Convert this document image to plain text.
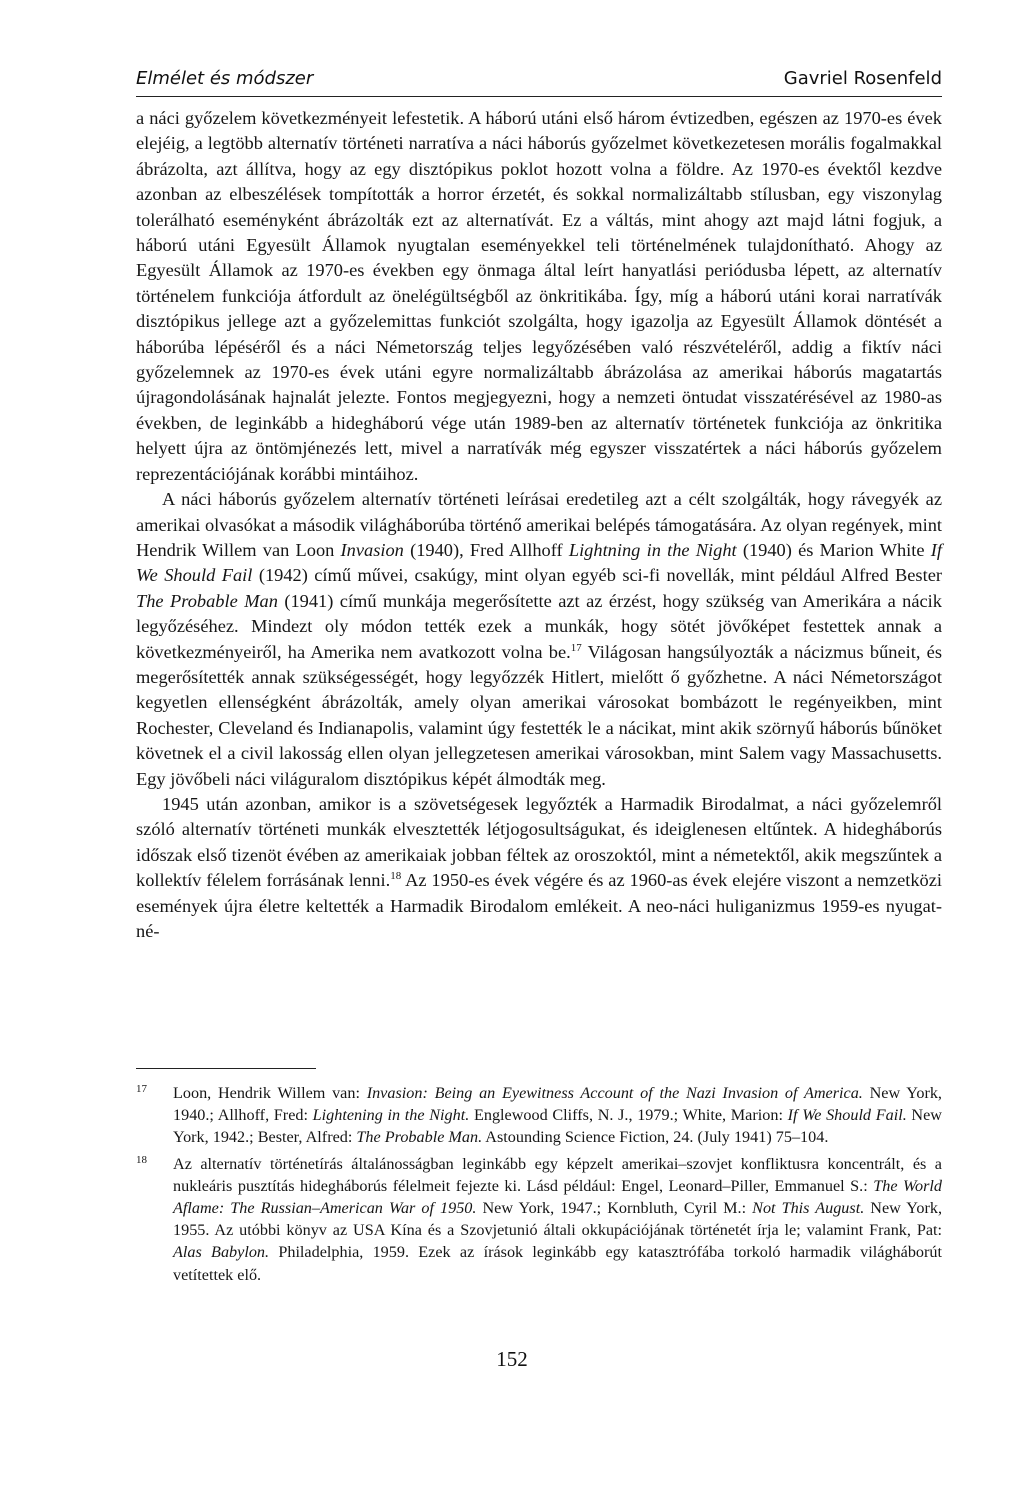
Elmélet és módszer	Gavriel Rosenfeld

a náci győzelem következményeit lefestetik. A háború utáni első három évtizedben, egészen az 1970-es évek elejéig, a legtöbb alternatív történeti narratíva a náci háborús győzelmet következetesen morális fogalmakkal ábrázolta, azt állítva, hogy az egy disztópikus poklot hozott volna a földre. Az 1970-es évektől kezdve azonban az elbeszélések tompították a horror érzetét, és sokkal normalizáltabb stílusban, egy viszonylag tolerálható eseményként ábrázolták ezt az alternatívát. Ez a váltás, mint ahogy azt majd látni fogjuk, a háború utáni Egyesült Államok nyugtalan eseményekkel teli történelmének tulajdonítható. Ahogy az Egyesült Államok az 1970-es években egy önmaga által leírt hanyatlási periódusba lépett, az alternatív történelem funkciója átfordult az önelégültségből az önkritikába. Így, míg a háború utáni korai narratívák disztópikus jellege azt a győzelemittas funkciót szolgálta, hogy igazolja az Egyesült Államok döntését a háborúba lépéséről és a náci Németország teljes legyőzésében való részvételéről, addig a fiktív náci győzelemnek az 1970-es évek utáni egyre normalizáltabb ábrázolása az amerikai háborús magatartás újragondolásának hajnalát jelezte. Fontos megjegyezni, hogy a nemzeti öntudat visszatérésével az 1980-as években, de leginkább a hidegháború vége után 1989-ben az alternatív történetek funkciója az önkritika helyett újra az öntömjénezés lett, mivel a narratívák még egyszer visszatértek a náci háborús győzelem reprezentációjának korábbi mintáihoz.

A náci háborús győzelem alternatív történeti leírásai eredetileg azt a célt szolgálták, hogy rávegyék az amerikai olvasókat a második világháborúba történő amerikai belépés támogatására. Az olyan regények, mint Hendrik Willem van Loon Invasion (1940), Fred Allhoff Lightning in the Night (1940) és Marion White If We Should Fail (1942) című művei, csakúgy, mint olyan egyéb sci-fi novellák, mint például Alfred Bester The Probable Man (1941) című munkája megerősítette azt az érzést, hogy szükség van Amerikára a nácik legyőzéséhez. Mindezt oly módon tették ezek a munkák, hogy sötét jövőképet festettek annak a következményeiről, ha Amerika nem avatkozott volna be.$^{17}$ Világosan hangsúlyozták a nácizmus bűneit, és megerősítették annak szükségességét, hogy legyőzzék Hitlert, mielőtt ő győzhetne. A náci Németországot kegyetlen ellenségként ábrázolták, amely olyan amerikai városokat bombázott le regényeikben, mint Rochester, Cleveland és Indianapolis, valamint úgy festették le a nácikat, mint akik szörnyű háborús bűnöket követnek el a civil lakosság ellen olyan jellegzetesen amerikai városokban, mint Salem vagy Massachusetts. Egy jövőbeli náci világuralom disztópikus képét álmodták meg.

1945 után azonban, amikor is a szövetségesek legyőzték a Harmadik Birodalmat, a náci győzelemről szóló alternatív történeti munkák elvesztették létjogosultságukat, és ideiglenesen eltűntek. A hidegháborús időszak első tizenöt évében az amerikaiak jobban féltek az oroszoktól, mint a németektől, akik megszűntek a kollektív félelem forrásának lenni.$^{18}$ Az 1950-es évek végére és az 1960-as évek elejére viszont a nemzetközi események újra életre keltették a Harmadik Birodalom emlékeit. A neo-náci huliganizmus 1959-es nyugat-né-

17 Loon, Hendrik Willem van: Invasion: Being an Eyewitness Account of the Nazi Invasion of America. New York, 1940.; Allhoff, Fred: Lightening in the Night. Englewood Cliffs, N. J., 1979.; White, Marion: If We Should Fail. New York, 1942.; Bester, Alfred: The Probable Man. Astounding Science Fiction, 24. (July 1941) 75–104.
18 Az alternatív történetírás általánosságban leginkább egy képzelt amerikai–szovjet konfliktusra koncentrált, és a nukleáris pusztítás hidegháborús félelmeit fejezte ki. Lásd például: Engel, Leonard–Piller, Emmanuel S.: The World Aflame: The Russian–American War of 1950. New York, 1947.; Kornbluth, Cyril M.: Not This August. New York, 1955. Az utóbbi könyv az USA Kína és a Szovjetunió általi okkupációjának történetét írja le; valamint Frank, Pat: Alas Babylon. Philadelphia, 1959. Ezek az írások leginkább egy katasztrófába torkoló harmadik világháborút vetítettek elő.
152
